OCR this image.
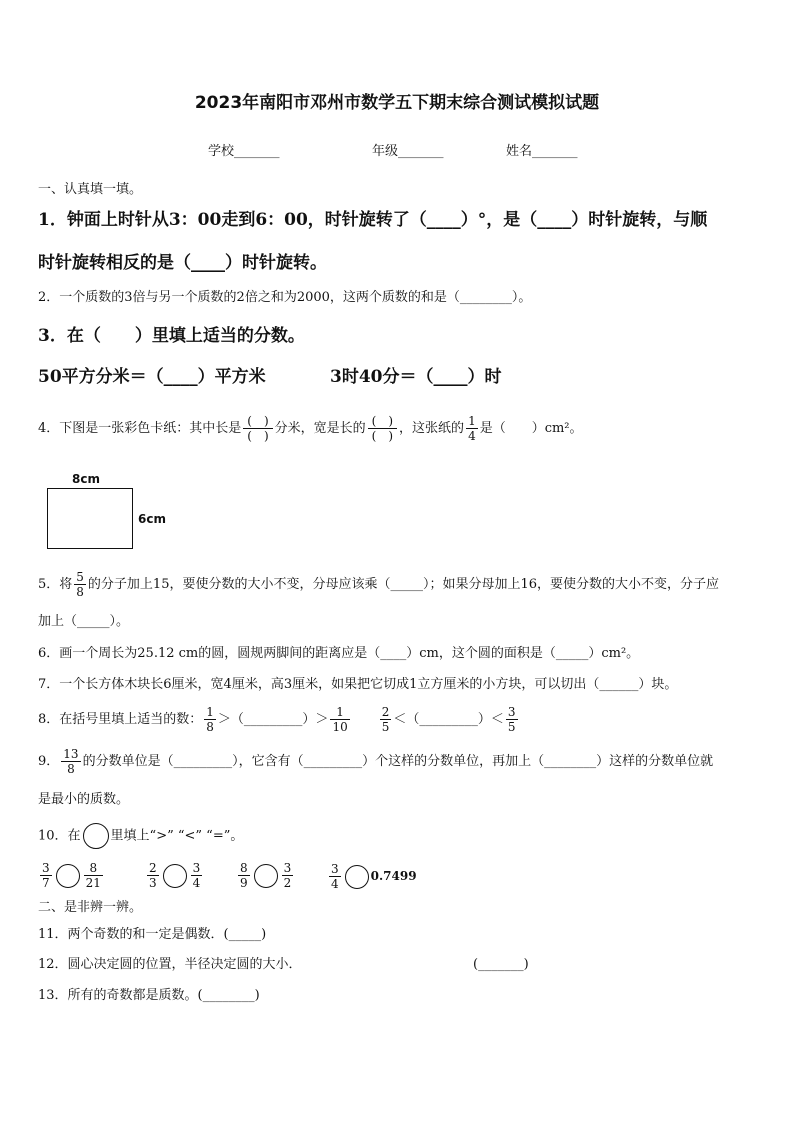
2023年南阳市邓州市数学五下期末综合测试模拟试题
学校_______	年级_______	姓名_______
一、认真填一填。
1．钟面上时针从3：00走到6：00，时针旋转了（____）°，是（____）时针旋转，与顺
时针旋转相反的是（____）时针旋转。
2．一个质数的3倍与另一个质数的2倍之和为2000，这两个质数的和是（________）。
3．在（　　）里填上适当的分数。
50平方分米＝（____）平方米	3时40分＝（____）时
4．下图是一张彩色卡纸：其中长是 $\frac{( )}{( )}$ 分米，宽是长的 $\frac{( )}{( )}$ ，这张纸的 $\frac{1}{4}$ 是（　　）cm²。
8cm
6cm
5．将 $\frac{5}{8}$ 的分子加上15，要使分数的大小不变，分母应该乘（_____）；如果分母加上16，要使分数的大小不变，分子应
加上（_____）。
6．画一个周长为25.12 cm的圆，圆规两脚间的距离应是（____）cm，这个圆的面积是（_____）cm²。
7．一个长方体木块长6厘米，宽4厘米，高3厘米，如果把它切成1立方厘米的小方块，可以切出（______）块。
8．在括号里填上适当的数： $\frac{1}{8}$ ＞（_________）＞ $\frac{1}{10}$	$\frac{2}{5}$ ＜（_________）＜ $\frac{3}{5}$
9． $\frac{13}{8}$ 的分数单位是（_________），它含有（_________）个这样的分数单位，再加上（________）这样的分数单位就
是最小的质数。
10．在 里填上“>” “<” “=”。
$\frac{3}{7}$	$\frac{8}{21}$	$\frac{2}{3}$	$\frac{3}{4}$	$\frac{8}{9}$	$\frac{3}{2}$	$\frac{3}{4}$	0.7499
二、是非辨一辨。
11．两个奇数的和一定是偶数．(_____)
12．圆心决定圆的位置，半径决定圆的大小．	(_______)
13．所有的奇数都是质数。(________)
